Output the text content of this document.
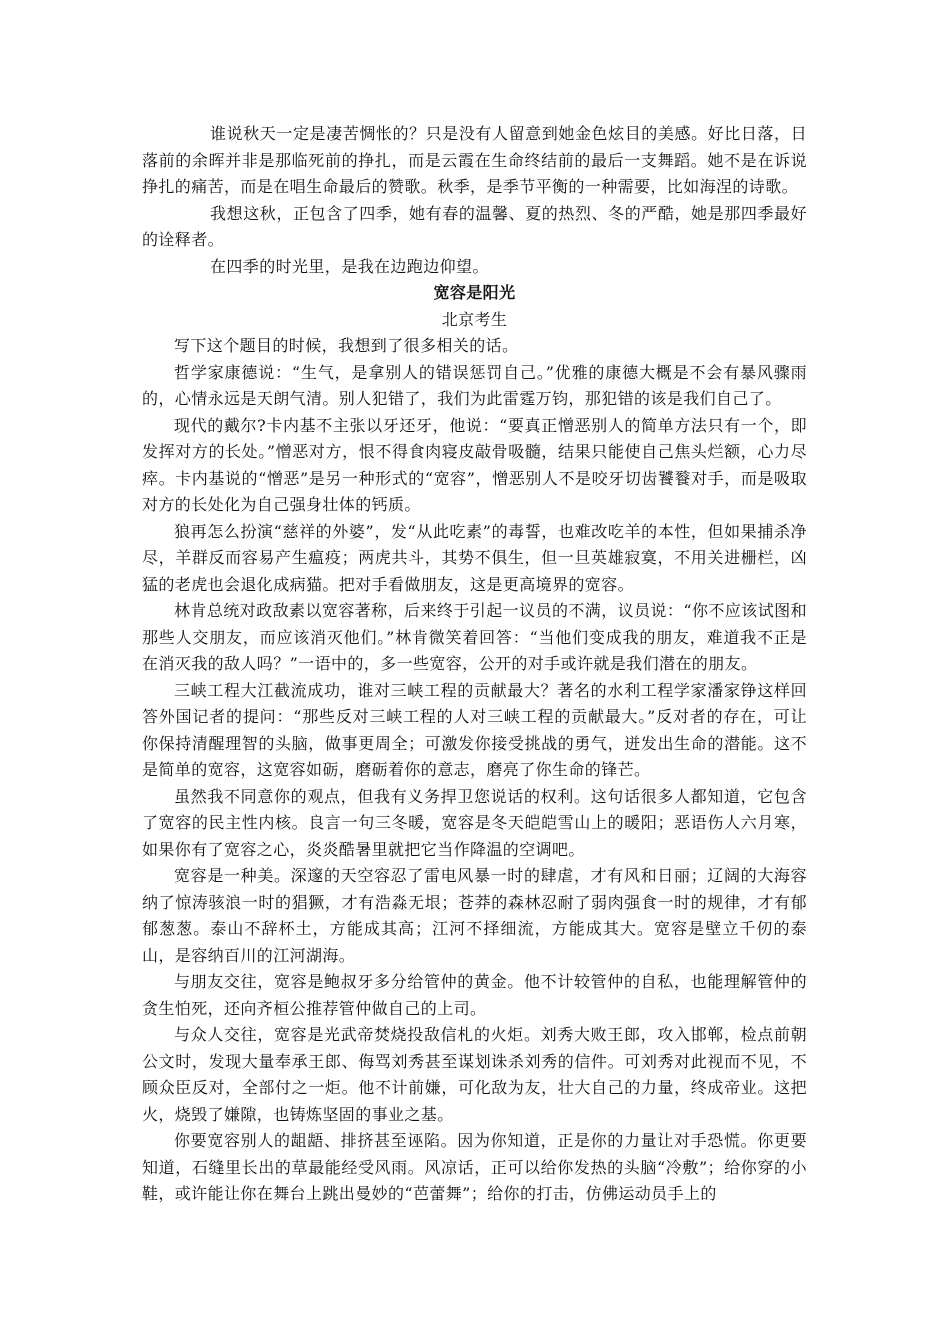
谁说秋天一定是凄苦惆怅的？只是没有人留意到她金色炫目的美感。好比日落，日落前的余晖并非是那临死前的挣扎，而是云霞在生命终结前的最后一支舞蹈。她不是在诉说挣扎的痛苦，而是在唱生命最后的赞歌。秋季，是季节平衡的一种需要，比如海涅的诗歌。

我想这秋，正包含了四季，她有春的温馨、夏的热烈、冬的严酷，她是那四季最好的诠释者。

在四季的时光里，是我在边跑边仰望。

宽容是阳光
北京考生

写下这个题目的时候，我想到了很多相关的话。

哲学家康德说：“生气，是拿别人的错误惩罚自己。”优雅的康德大概是不会有暴风骤雨的，心情永远是天朗气清。别人犯错了，我们为此雷霆万钧，那犯错的该是我们自己了。

现代的戴尔?卡内基不主张以牙还牙，他说：“要真正憎恶别人的简单方法只有一个，即发挥对方的长处。”憎恶对方，恨不得食肉寝皮敲骨吸髓，结果只能使自己焦头烂额，心力尽瘁。卡内基说的“憎恶”是另一种形式的“宽容”，憎恶别人不是咬牙切齿饕餮对手，而是吸取对方的长处化为自己强身壮体的钙质。

狼再怎么扮演“慈祥的外婆”，发“从此吃素”的毒誓，也难改吃羊的本性，但如果捕杀净尽，羊群反而容易产生瘟疫；两虎共斗，其势不俱生，但一旦英雄寂寞，不用关进栅栏，凶猛的老虎也会退化成病猫。把对手看做朋友，这是更高境界的宽容。

林肯总统对政敌素以宽容著称，后来终于引起一议员的不满，议员说：“你不应该试图和那些人交朋友，而应该消灭他们。”林肯微笑着回答：“当他们变成我的朋友，难道我不正是在消灭我的敌人吗？”一语中的，多一些宽容，公开的对手或许就是我们潜在的朋友。

三峡工程大江截流成功，谁对三峡工程的贡献最大？著名的水利工程学家潘家铮这样回答外国记者的提问：“那些反对三峡工程的人对三峡工程的贡献最大。”反对者的存在，可让你保持清醒理智的头脑，做事更周全；可激发你接受挑战的勇气，迸发出生命的潜能。这不是简单的宽容，这宽容如砺，磨砺着你的意志，磨亮了你生命的锋芒。

虽然我不同意你的观点，但我有义务捍卫您说话的权利。这句话很多人都知道，它包含了宽容的民主性内核。良言一句三冬暖，宽容是冬天皑皑雪山上的暖阳；恶语伤人六月寒，如果你有了宽容之心，炎炎酷暑里就把它当作降温的空调吧。

宽容是一种美。深邃的天空容忍了雷电风暴一时的肆虐，才有风和日丽；辽阔的大海容纳了惊涛骇浪一时的猖獗，才有浩淼无垠；苍莽的森林忍耐了弱肉强食一时的规律，才有郁郁葱葱。泰山不辞杯土，方能成其高；江河不择细流，方能成其大。宽容是壁立千仞的泰山，是容纳百川的江河湖海。

与朋友交往，宽容是鲍叔牙多分给管仲的黄金。他不计较管仲的自私，也能理解管仲的贪生怕死，还向齐桓公推荐管仲做自己的上司。

与众人交往，宽容是光武帝焚烧投敌信札的火炬。刘秀大败王郎，攻入邯郸，检点前朝公文时，发现大量奉承王郎、侮骂刘秀甚至谋划诛杀刘秀的信件。可刘秀对此视而不见，不顾众臣反对，全部付之一炬。他不计前嫌，可化敌为友，壮大自己的力量，终成帝业。这把火，烧毁了嫌隙，也铸炼坚固的事业之基。

你要宽容别人的龃龉、排挤甚至诬陷。因为你知道，正是你的力量让对手恐慌。你更要知道，石缝里长出的草最能经受风雨。风凉话，正可以给你发热的头脑“冷敷”；给你穿的小鞋，或许能让你在舞台上跳出曼妙的“芭蕾舞”；给你的打击，仿佛运动员手上的
